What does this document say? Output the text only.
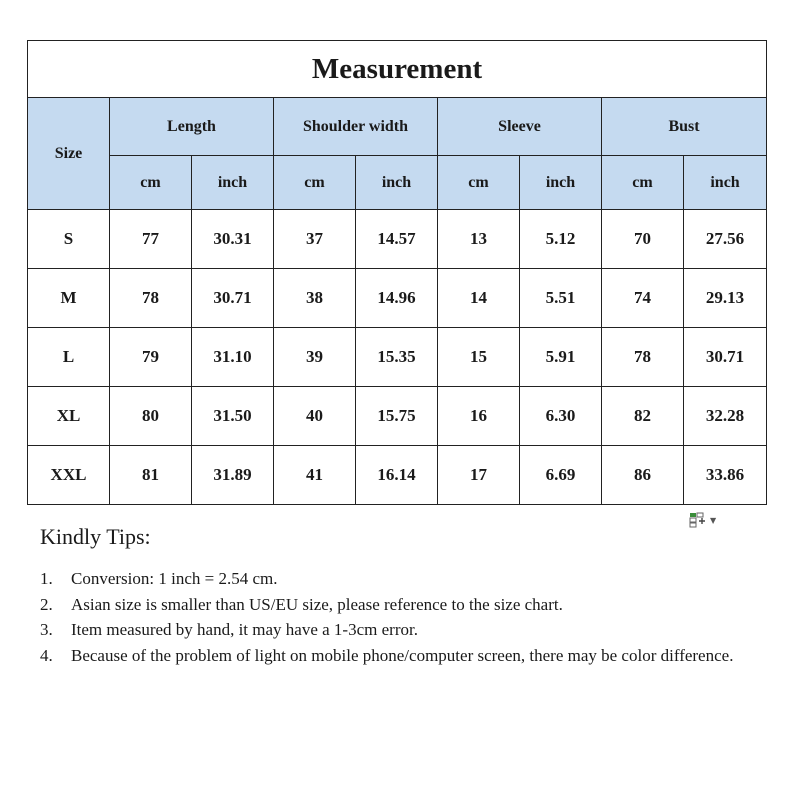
Measurement								
Size	Length		Shoulder width		Sleeve		Bust	
	cm	inch	cm	inch	cm	inch	cm	inch
S	77	30.31	37	14.57	13	5.12	70	27.56
M	78	30.71	38	14.96	14	5.51	74	29.13
L	79	31.10	39	15.35	15	5.91	78	30.71
XL	80	31.50	40	15.75	16	6.30	82	32.28
XXL	81	31.89	41	16.14	17	6.69	86	33.86
▼
Kindly Tips:
1.	Conversion: 1 inch = 2.54 cm.
2.	Asian size is smaller than US/EU size, please reference to the size chart.
3.	Item measured by hand, it may have a 1-3cm error.
4.	Because of the problem of light on mobile phone/computer screen, there may be color difference.
